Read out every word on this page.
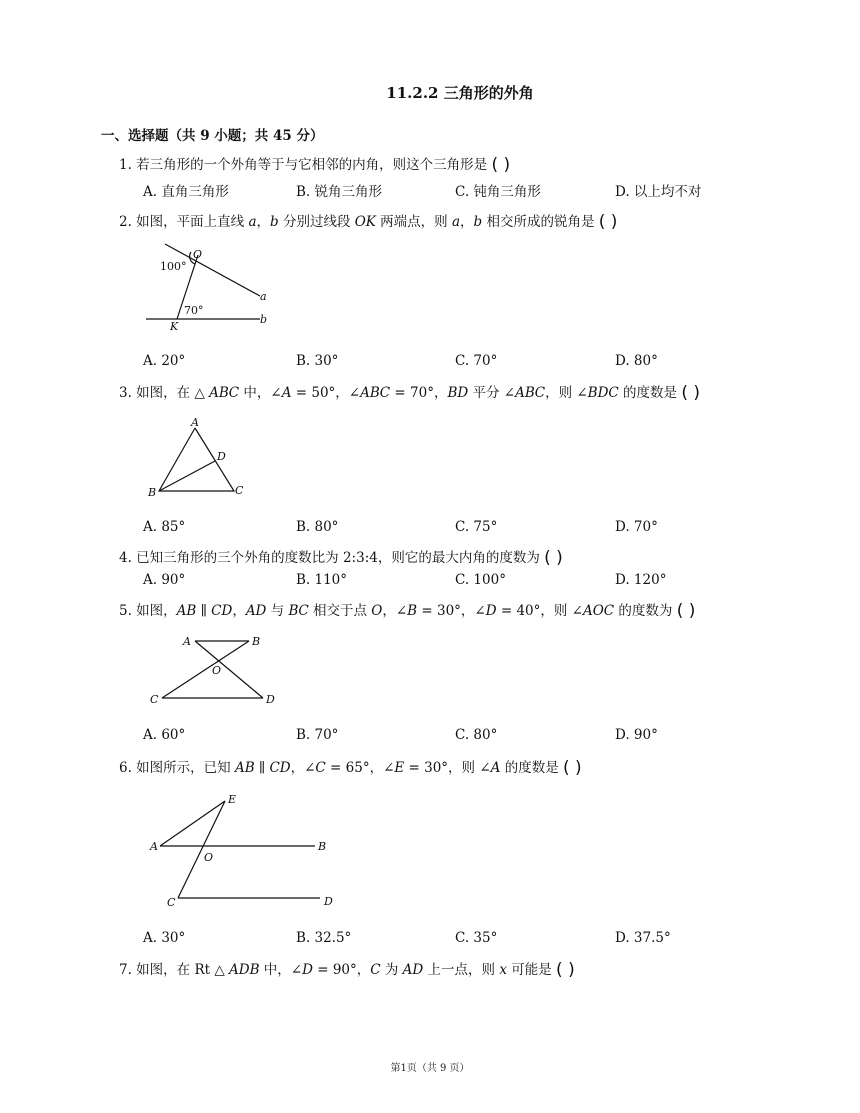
11.2.2 三角形的外角
一、选择题（共 9 小题；共 45 分）
1. 若三角形的一个外角等于与它相邻的内角，则这个三角形是 ( )
A. 直角三角形	B. 锐角三角形	C. 钝角三角形	D. 以上均不对
2. 如图，平面上直线 𝑎，𝑏 分别过线段 𝑂𝐾 两端点，则 𝑎，𝑏 相交所成的锐角是 ( )
O
K
a
b
100°
70°
A. 20°	B. 30°	C. 70°	D. 80°
3. 如图，在 △ 𝐴𝐵𝐶 中，∠𝐴 = 50°，∠𝐴𝐵𝐶 = 70°，𝐵𝐷 平分 ∠𝐴𝐵𝐶，则 ∠𝐵𝐷𝐶 的度数是 ( )
A
B	C
D
A. 85°	B. 80°	C. 75°	D. 70°
4. 已知三角形的三个外角的度数比为 2:3:4，则它的最大内角的度数为 ( )
A. 90°	B. 110°	C. 100°	D. 120°
5. 如图，𝐴𝐵 ∥ 𝐶𝐷，𝐴𝐷 与 𝐵𝐶 相交于点 𝑂，∠𝐵 = 30°，∠𝐷 = 40°，则 ∠𝐴𝑂𝐶 的度数为 ( )
A	B
C	D
O
A. 60°	B. 70°	C. 80°	D. 90°
6. 如图所示，已知 𝐴𝐵 ∥ 𝐶𝐷，∠𝐶 = 65°，∠𝐸 = 30°，则 ∠𝐴 的度数是 ( )
A	B
C	D
E
O
A. 30°	B. 32.5°	C. 35°	D. 37.5°
7. 如图，在 Rt △ 𝐴𝐷𝐵 中，∠𝐷 = 90°，𝐶 为 𝐴𝐷 上一点，则 𝑥 可能是 ( )
第1页（共 9 页）
